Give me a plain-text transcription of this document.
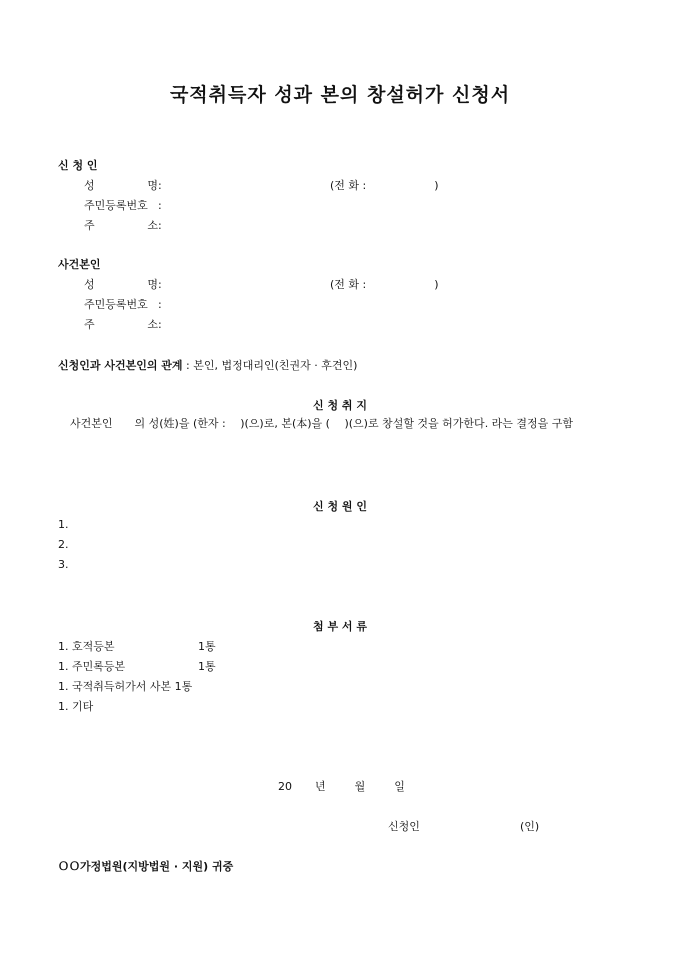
국적취득자 성과 본의 창설허가 신청서
신 청 인
성	명 :	(전 화 :	)
주민등록번호 :
주	소 :
사건본인
성	명 :	(전 화 :	)
주민등록번호 :
주	소 :
신청인과 사건본인의 관계 : 본인, 법정대리인(친권자 · 후견인)
신 청 취 지
사건본인　　의 성(姓)을 (한자 :　 )(으)로, 본(本)을 (　 )(으)로 창설할 것을 허가한다. 라는 결정을 구함
신 청 원 인
1.
2.
3.
첨 부 서 류
1. 호적등본	1통
1. 주민록등본	1통
1. 국적취득허가서 사본 1통
1. 기타
20 년	월	일
신청인	(인)
ＯＯ가정법원(지방법원 · 지원) 귀중
